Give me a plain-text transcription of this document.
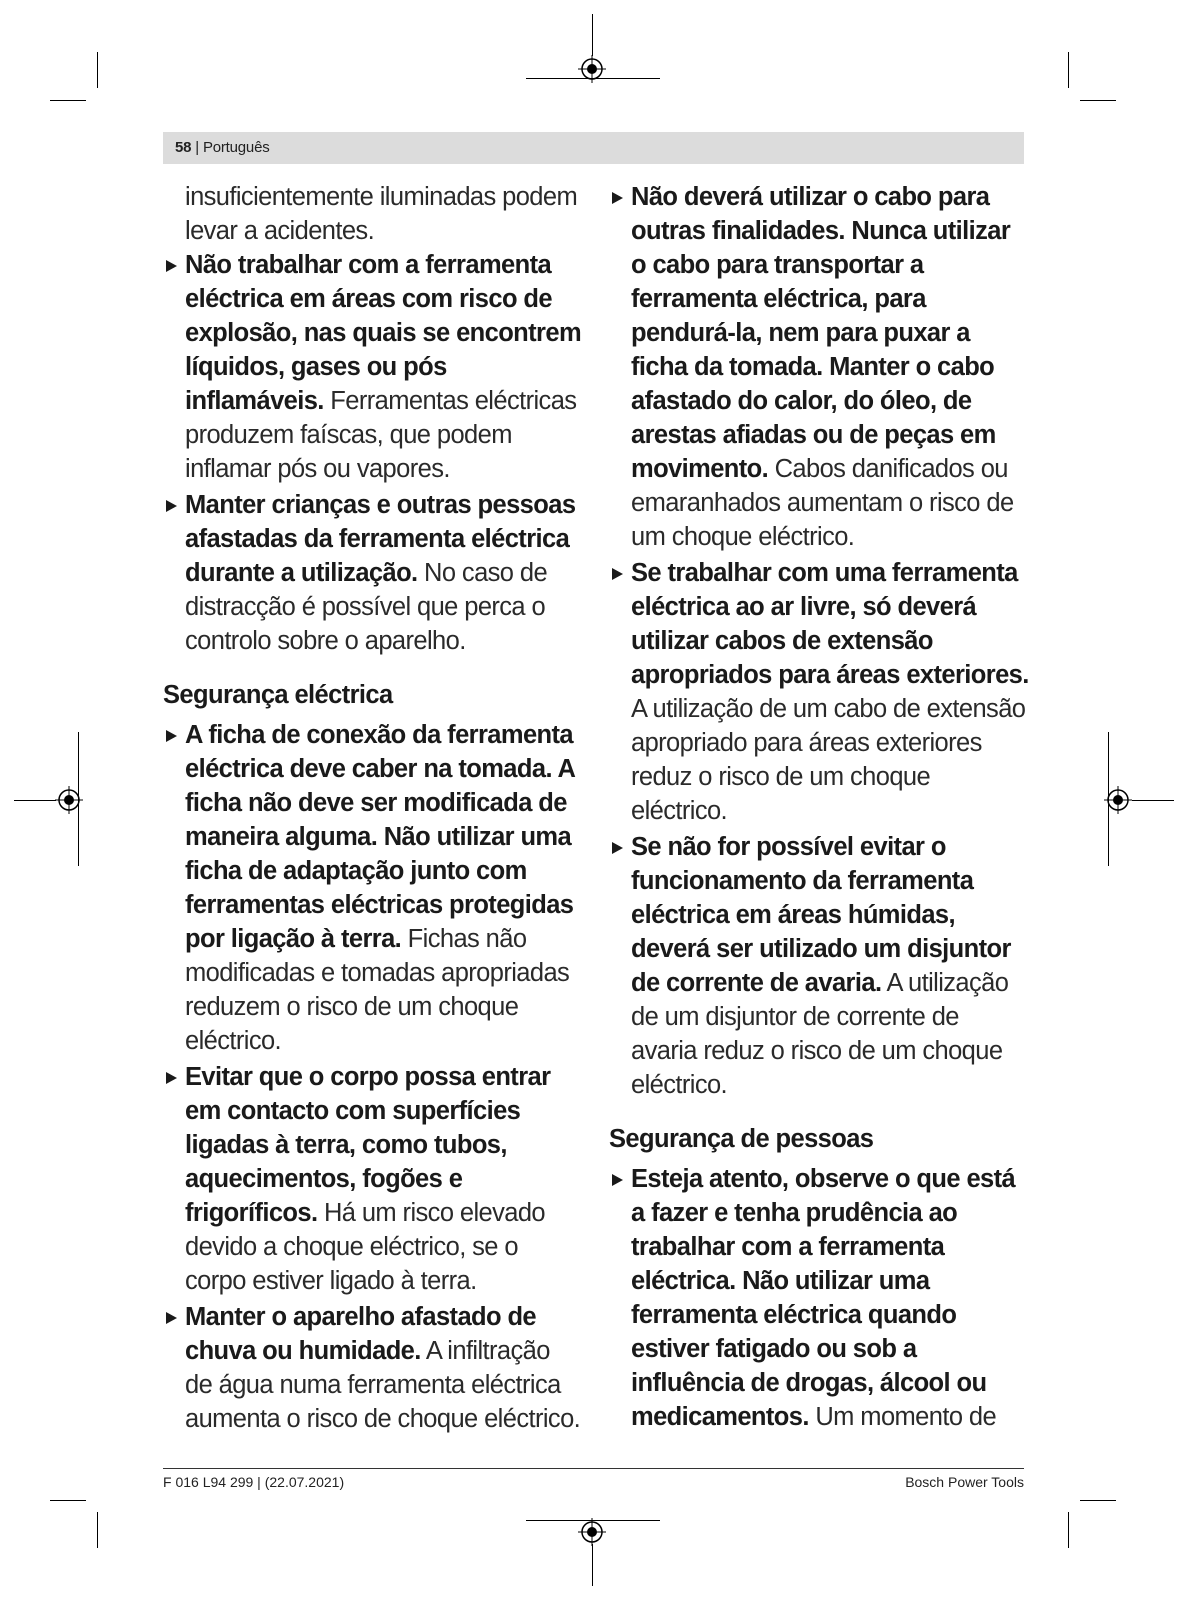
58 | Português
insuficientemente iluminadas podem levar a acidentes.
Não trabalhar com a ferramenta eléctrica em áreas com risco de explosão, nas quais se encontrem líquidos, gases ou pós inflamáveis. Ferramentas eléctricas produzem faíscas, que podem inflamar pós ou vapores.
Manter crianças e outras pessoas afastadas da ferramenta eléctrica durante a utilização. No caso de distracção é possível que perca o controlo sobre o aparelho.
Segurança eléctrica
A ficha de conexão da ferramenta eléctrica deve caber na tomada. A ficha não deve ser modificada de maneira alguma. Não utilizar uma ficha de adaptação junto com ferramentas eléctricas protegidas por ligação à terra. Fichas não modificadas e tomadas apropriadas reduzem o risco de um choque eléctrico.
Evitar que o corpo possa entrar em contacto com superfícies ligadas à terra, como tubos, aquecimentos, fogões e frigoríficos. Há um risco elevado devido a choque eléctrico, se o corpo estiver ligado à terra.
Manter o aparelho afastado de chuva ou humidade. A infiltração de água numa ferramenta eléctrica aumenta o risco de choque eléctrico.
Não deverá utilizar o cabo para outras finalidades. Nunca utilizar o cabo para transportar a ferramenta eléctrica, para pendurá-la, nem para puxar a ficha da tomada. Manter o cabo afastado do calor, do óleo, de arestas afiadas ou de peças em movimento. Cabos danificados ou emaranhados aumentam o risco de um choque eléctrico.
Se trabalhar com uma ferramenta eléctrica ao ar livre, só deverá utilizar cabos de extensão apropriados para áreas exteriores. A utilização de um cabo de extensão apropriado para áreas exteriores reduz o risco de um choque eléctrico.
Se não for possível evitar o funcionamento da ferramenta eléctrica em áreas húmidas, deverá ser utilizado um disjuntor de corrente de avaria. A utilização de um disjuntor de corrente de avaria reduz o risco de um choque eléctrico.
Segurança de pessoas
Esteja atento, observe o que está a fazer e tenha prudência ao trabalhar com a ferramenta eléctrica. Não utilizar uma ferramenta eléctrica quando estiver fatigado ou sob a influência de drogas, álcool ou medicamentos. Um momento de
F 016 L94 299 | (22.07.2021)	Bosch Power Tools
